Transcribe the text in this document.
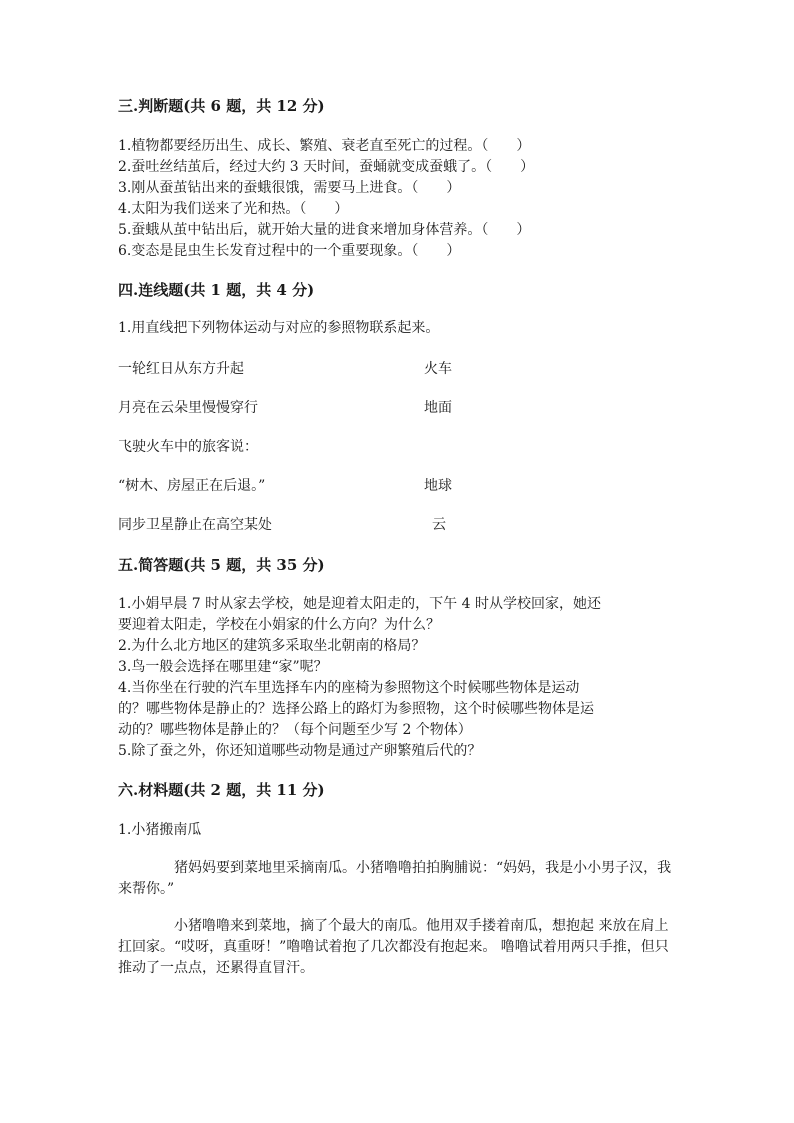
三.判断题(共 6 题，共 12 分)
1.植物都要经历出生、成长、繁殖、衰老直至死亡的过程。（　　）
2.蚕吐丝结茧后，经过大约 3 天时间，蚕蛹就变成蚕蛾了。（　　）
3.刚从蚕茧钻出来的蚕蛾很饿，需要马上进食。（　　）
4.太阳为我们送来了光和热。（　　）
5.蚕蛾从茧中钻出后，就开始大量的进食来增加身体营养。（　　）
6.变态是昆虫生长发育过程中的一个重要现象。（　　）
四.连线题(共 1 题，共 4 分)
1.用直线把下列物体运动与对应的参照物联系起来。
一轮红日从东方升起	火车
月亮在云朵里慢慢穿行	地面
飞驶火车中的旅客说：
“树木、房屋正在后退。”	地球
同步卫星静止在高空某处	云
五.简答题(共 5 题，共 35 分)
1.小娟早晨 7 时从家去学校，她是迎着太阳走的，下午 4 时从学校回家，她还
要迎着太阳走，学校在小娟家的什么方向？为什么？
2.为什么北方地区的建筑多采取坐北朝南的格局？
3.鸟一般会选择在哪里建“家”呢？
4.当你坐在行驶的汽车里选择车内的座椅为参照物这个时候哪些物体是运动
的？哪些物体是静止的？选择公路上的路灯为参照物，这个时候哪些物体是运
动的？哪些物体是静止的？（每个问题至少写 2 个物体）
5.除了蚕之外，你还知道哪些动物是通过产卵繁殖后代的？
六.材料题(共 2 题，共 11 分)
1.小猪搬南瓜
猪妈妈要到菜地里采摘南瓜。小猪噜噜拍拍胸脯说：“妈妈，我是小小男子汉，我来帮你。”
小猪噜噜来到菜地，摘了个最大的南瓜。他用双手搂着南瓜，想抱起 来放在肩上扛回家。“哎呀，真重呀！”噜噜试着抱了几次都没有抱起来。 噜噜试着用两只手推，但只推动了一点点，还累得直冒汗。
